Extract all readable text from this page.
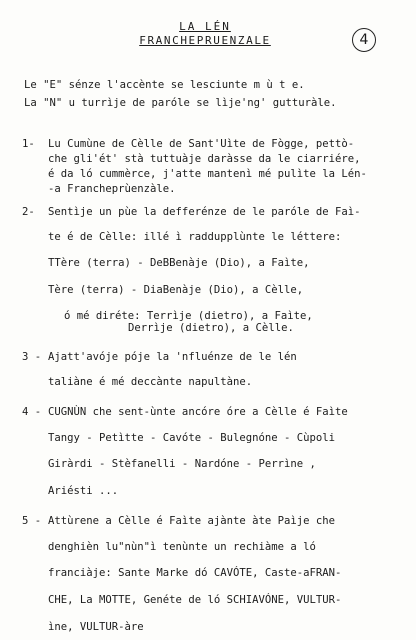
LA LÉN
FRANCHEPRUENZALE	4
Le "E" sénze l'accènte se lesciunte m ù t e.
La "N" u turrìje de paróle se lìje'ng' gutturàle.
1- Lu Cumùne de Cèlle de Sant'Uìte de Fògge, pettò-
che gli'ét' stà tuttuàje daràsse da le ciarriére,
é da ló cummèrce, j'atte mantenì mé pulìte la Lén-
-a Francheprùenzàle.
2- Sentìje un pùe la defferénze de le paróle de Faì-
te é de Cèlle: illé ì raddupplùnte le léttere:
TTère (terra) - DeBBenàje (Dio), a Faìte,
Tère (terra) - DiaBenàje (Dio), a Cèlle,
ó mé diréte: Terrìje (dietro), a Faìte,
Derrìje (dietro), a Cèlle.
3 - Ajatt'avóje póje la 'nfluénze de le lén
taliàne é mé deccànte napultàne.
4 - CUGNÙN che sent-ùnte ancóre óre a Cèlle é Faìte
Tangy - Petìtte - Cavóte - Bulegnóne - Cùpoli
Giràrdi - Stèfanelli - Nardóne - Perrìne ,
Ariésti ...
5 - Attùrene a Cèlle é Faìte ajànte àte Paìje che
denghièn lu"nùn"ì tenùnte un rechiàme a ló
franciàje: Sante Marke dó CAVÓTE, Caste-aFRAN-
CHE, La MOTTE, Genéte de ló SCHIAVÓNE, VULTUR-
ìne, VULTUR-àre
